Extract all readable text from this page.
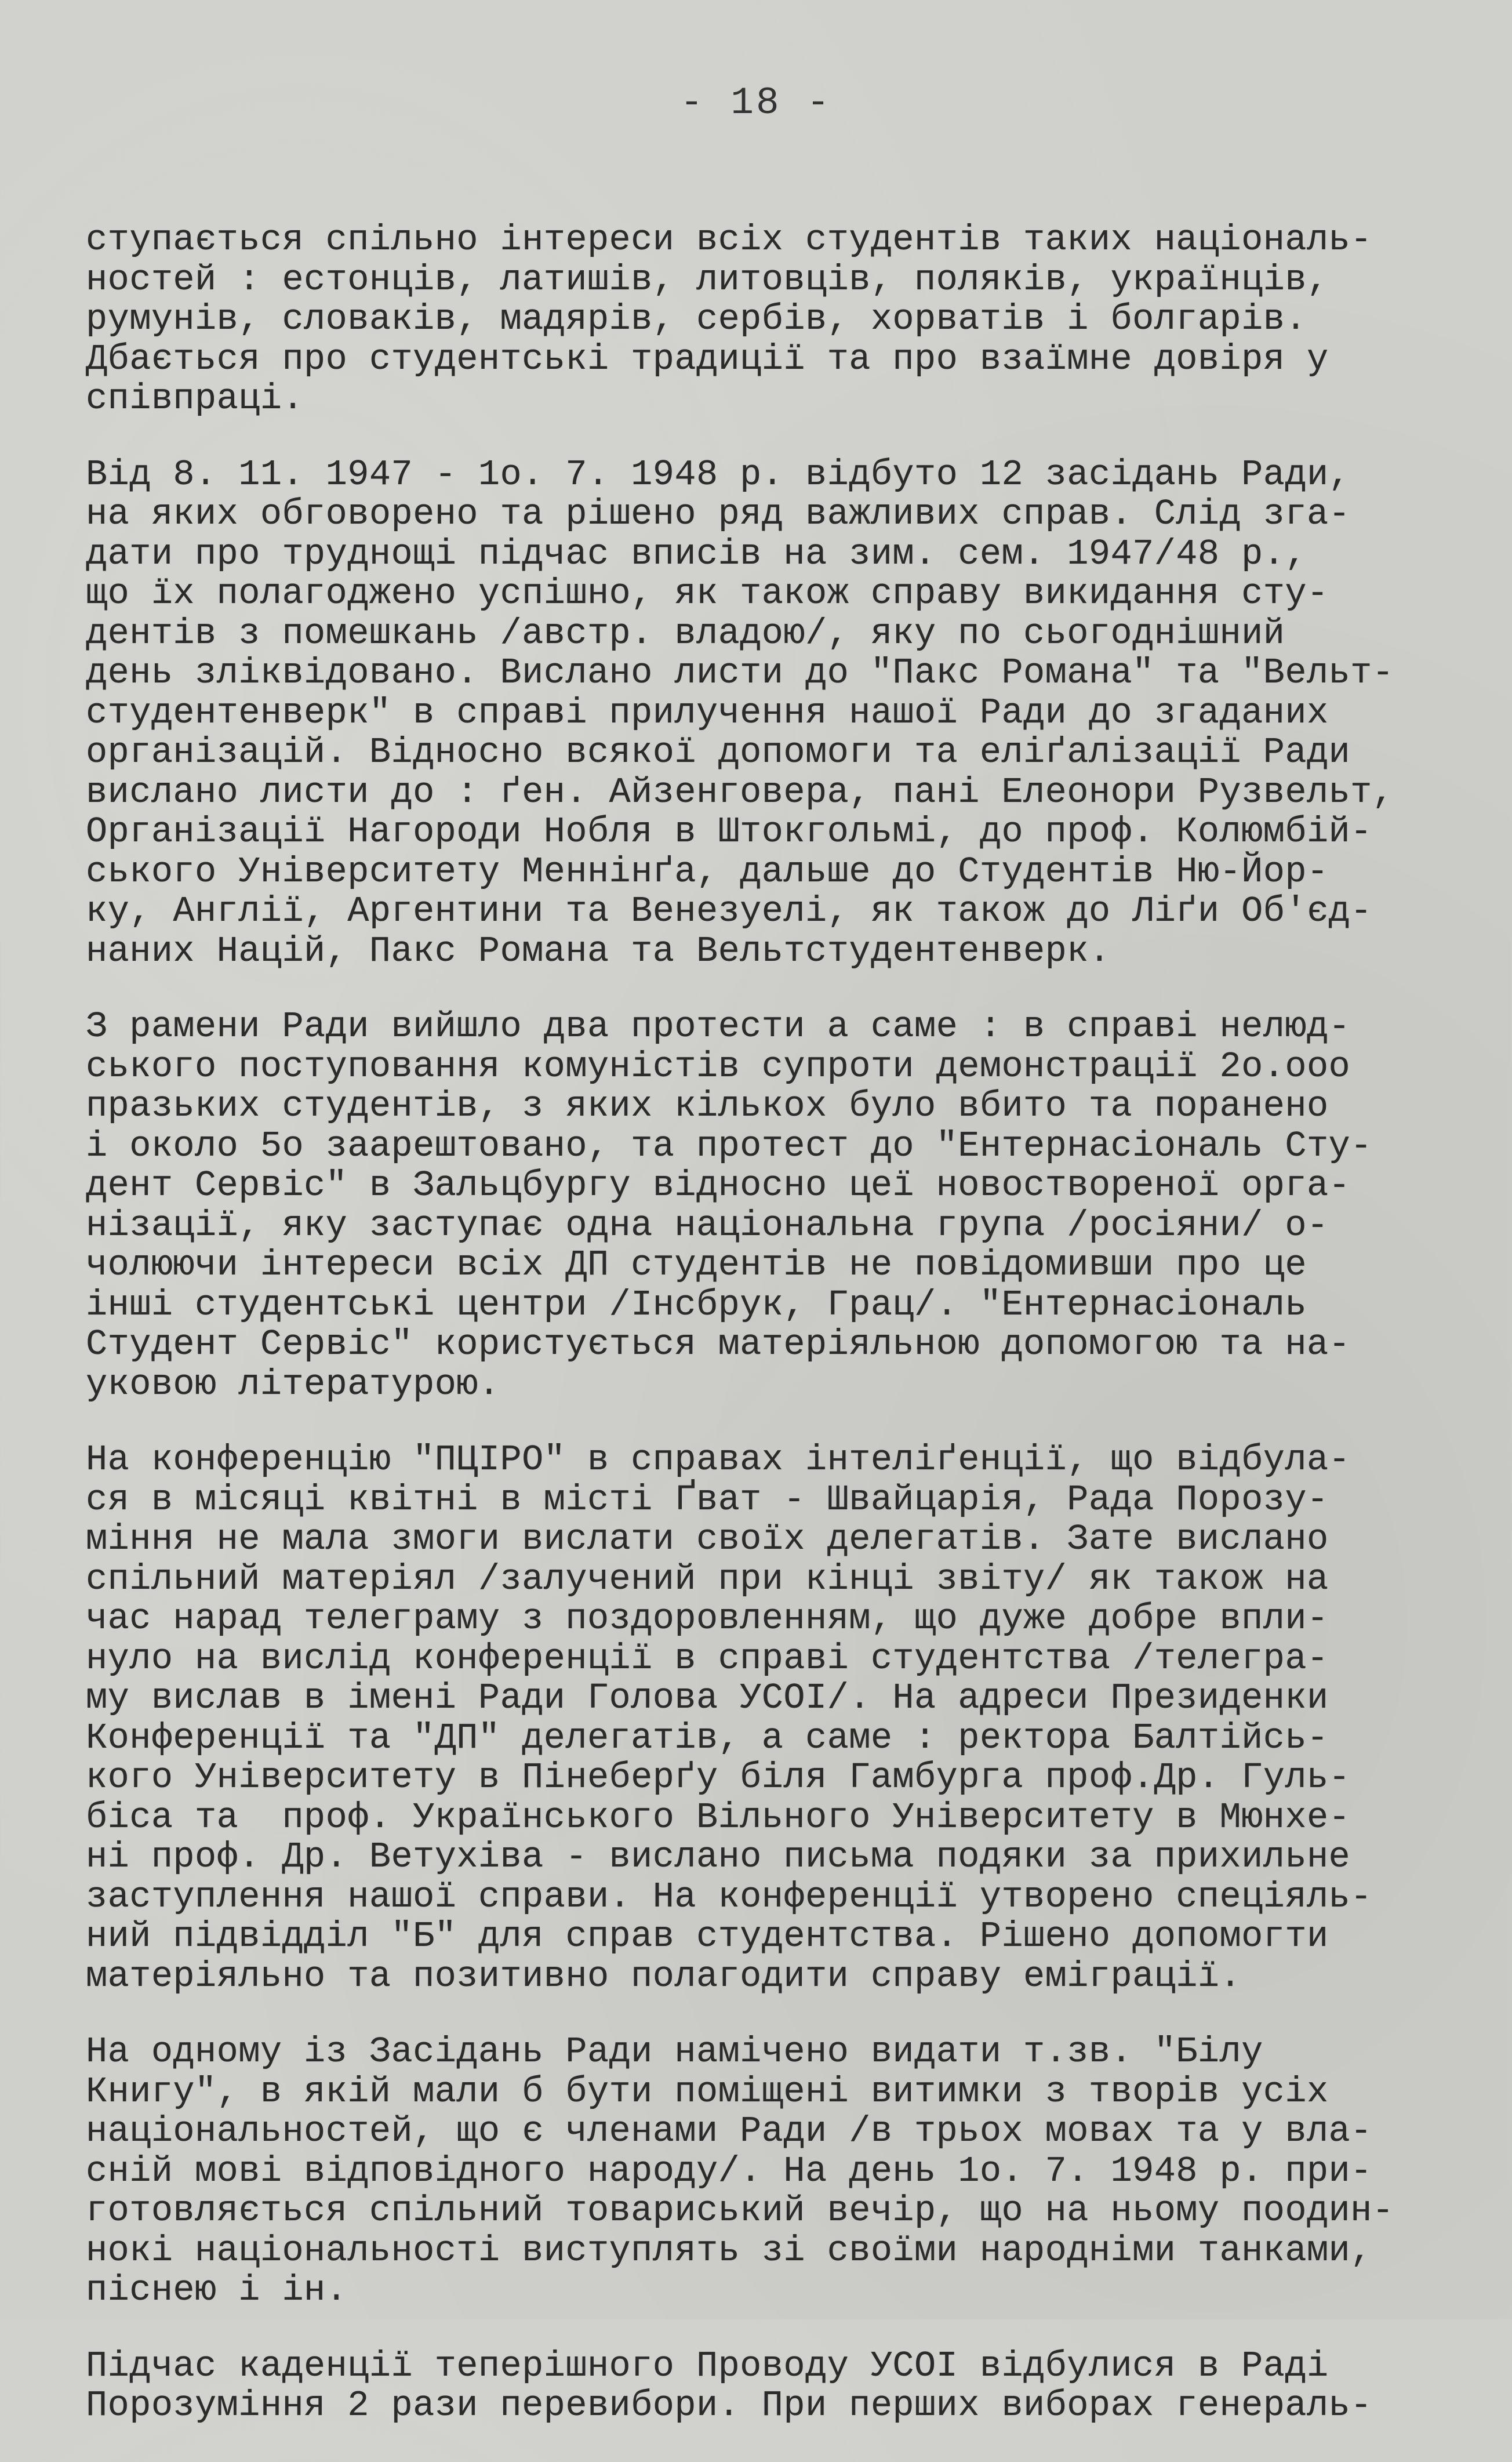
- 18 -
ступається спільно інтереси всіх студентів таких національ-
ностей : естонців, латишів, литовців, поляків, українців,
румунів, словаків, мадярів, сербів, хорватів і болгарів.
Дбається про студентські традиції та про взаїмне довіря у
співпраці.
Від 8. 11. 1947 - 1о. 7. 1948 р. відбуто 12 засідань Ради,
на яких обговорено та рішено ряд важливих справ. Слід зга-
дати про труднощі підчас вписів на зим. сем. 1947/48 р.,
що їх полагоджено успішно, як також справу викидання сту-
дентів з помешкань /австр. владою/, яку по сьогоднішний
день зліквідовано. Вислано листи до "Пакс Романа" та "Вельт-
студентенверк" в справі прилучення нашої Ради до згаданих
організацій. Відносно всякої допомоги та еліґалізації Ради
вислано листи до : ґен. Айзенговера, пані Елеонори Рузвельт,
Організації Нагороди Нобля в Штокгольмі, до проф. Колюмбій-
ського Університету Меннінґа, дальше до Студентів Ню-Йор-
ку, Англії, Аргентини та Венезуелі, як також до Ліґи Об'єд-
наних Націй, Пакс Романа та Вельтстудентенверк.
З рамени Ради вийшло два протести а саме : в справі нелюд-
ського поступовання комуністів супроти демонстрації 2о.ооо
празьких студентів, з яких кількох було вбито та поранено
і около 5о заарештовано, та протест до "Ентернасіональ Сту-
дент Сервіс" в Зальцбургу відносно цеї новоствореної орга-
нізації, яку заступає одна національна група /росіяни/ о-
чолюючи інтереси всіх ДП студентів не повідомивши про це
інші студентські центри /Інсбрук, Грац/. "Ентернасіональ
Студент Сервіс" користується матеріяльною допомогою та на-
уковою літературою.
На конференцію "ПЦІРО" в справах інтеліґенції, що відбула-
ся в місяці квітні в місті Ґват - Швайцарія, Рада Порозу-
міння не мала змоги вислати своїх делегатів. Зате вислано
спільний матеріял /залучений при кінці звіту/ як також на
час нарад телеграму з поздоровленням, що дуже добре впли-
нуло на вислід конференції в справі студентства /телегра-
му вислав в імені Ради Голова УСОІ/. На адреси Президенки
Конференції та "ДП" делегатів, а саме : ректора Балтійсь-
кого Університету в Пінеберґу біля Гамбурга проф.Др. Гуль-
біса та  проф. Українського Вільного Університету в Мюнхе-
ні проф. Др. Ветухіва - вислано письма подяки за прихильне
заступлення нашої справи. На конференції утворено спеціяль-
ний підвідділ "Б" для справ студентства. Рішено допомогти
матеріяльно та позитивно полагодити справу еміграції.
На одному із Засідань Ради намічено видати т.зв. "Білу
Книгу", в якій мали б бути поміщені витимки з творів усіх
національностей, що є членами Ради /в трьох мовах та у вла-
сній мові відповідного народу/. На день 1о. 7. 1948 р. при-
готовляється спільний товариський вечір, що на ньому поодин-
нокі національності виступлять зі своїми народніми танками,
піснею і ін.
Підчас каденції теперішного Проводу УСОІ відбулися в Раді
Порозуміння 2 рази перевибори. При перших виборах генераль-
